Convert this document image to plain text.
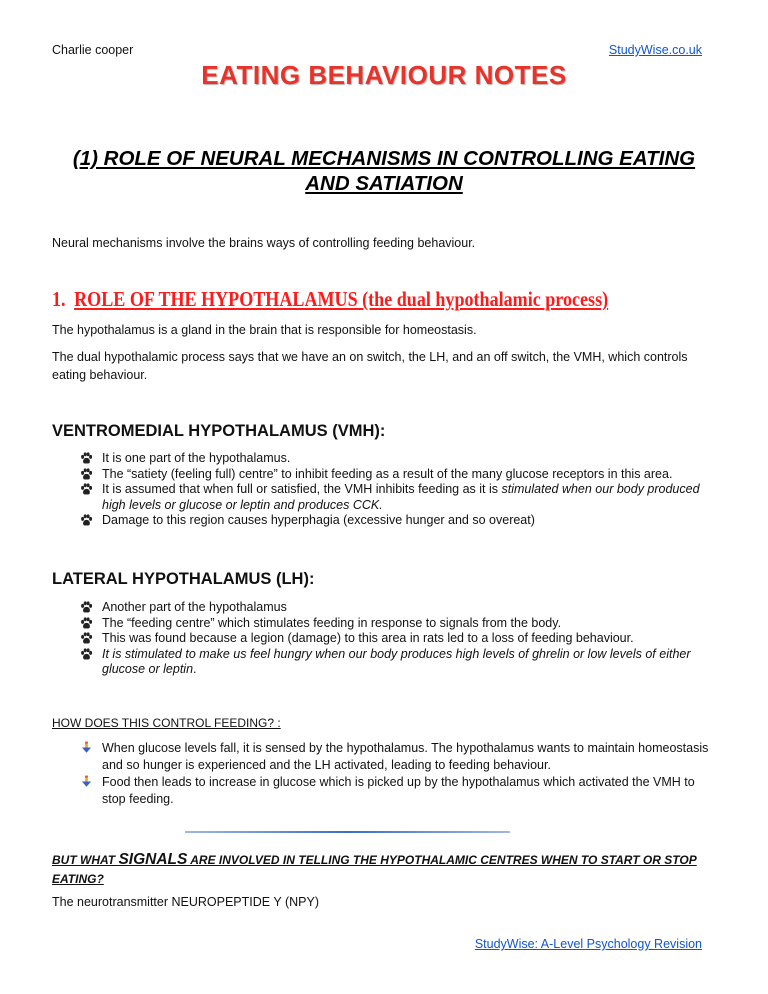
Charlie cooper	StudyWise.co.uk
EATING BEHAVIOUR NOTES
(1) ROLE OF NEURAL MECHANISMS IN CONTROLLING EATING
AND SATIATION
Neural mechanisms involve the brains ways of controlling feeding behaviour.
1. ROLE OF THE HYPOTHALAMUS (the dual hypothalamic process)
The hypothalamus is a gland in the brain that is responsible for homeostasis.
The dual hypothalamic process says that we have an on switch, the LH, and an off switch, the VMH, which controls eating behaviour.
VENTROMEDIAL HYPOTHALAMUS (VMH):
It is one part of the hypothalamus.
The “satiety (feeling full) centre” to inhibit feeding as a result of the many glucose receptors in this area.
It is assumed that when full or satisfied, the VMH inhibits feeding as it is stimulated when our body produced high levels or glucose or leptin and produces CCK.
Damage to this region causes hyperphagia (excessive hunger and so overeat)
LATERAL HYPOTHALAMUS (LH):
Another part of the hypothalamus
The “feeding centre” which stimulates feeding in response to signals from the body.
This was found because a legion (damage) to this area in rats led to a loss of feeding behaviour.
It is stimulated to make us feel hungry when our body produces high levels of ghrelin or low levels of either glucose or leptin.
HOW DOES THIS CONTROL FEEDING? :
When glucose levels fall, it is sensed by the hypothalamus. The hypothalamus wants to maintain homeostasis and so hunger is experienced and the LH activated, leading to feeding behaviour.
Food then leads to increase in glucose which is picked up by the hypothalamus which activated the VMH to stop feeding.
BUT WHAT SIGNALS ARE INVOLVED IN TELLING THE HYPOTHALAMIC CENTRES WHEN TO START OR STOP EATING?
The neurotransmitter NEUROPEPTIDE Y (NPY)
StudyWise: A-Level Psychology Revision
